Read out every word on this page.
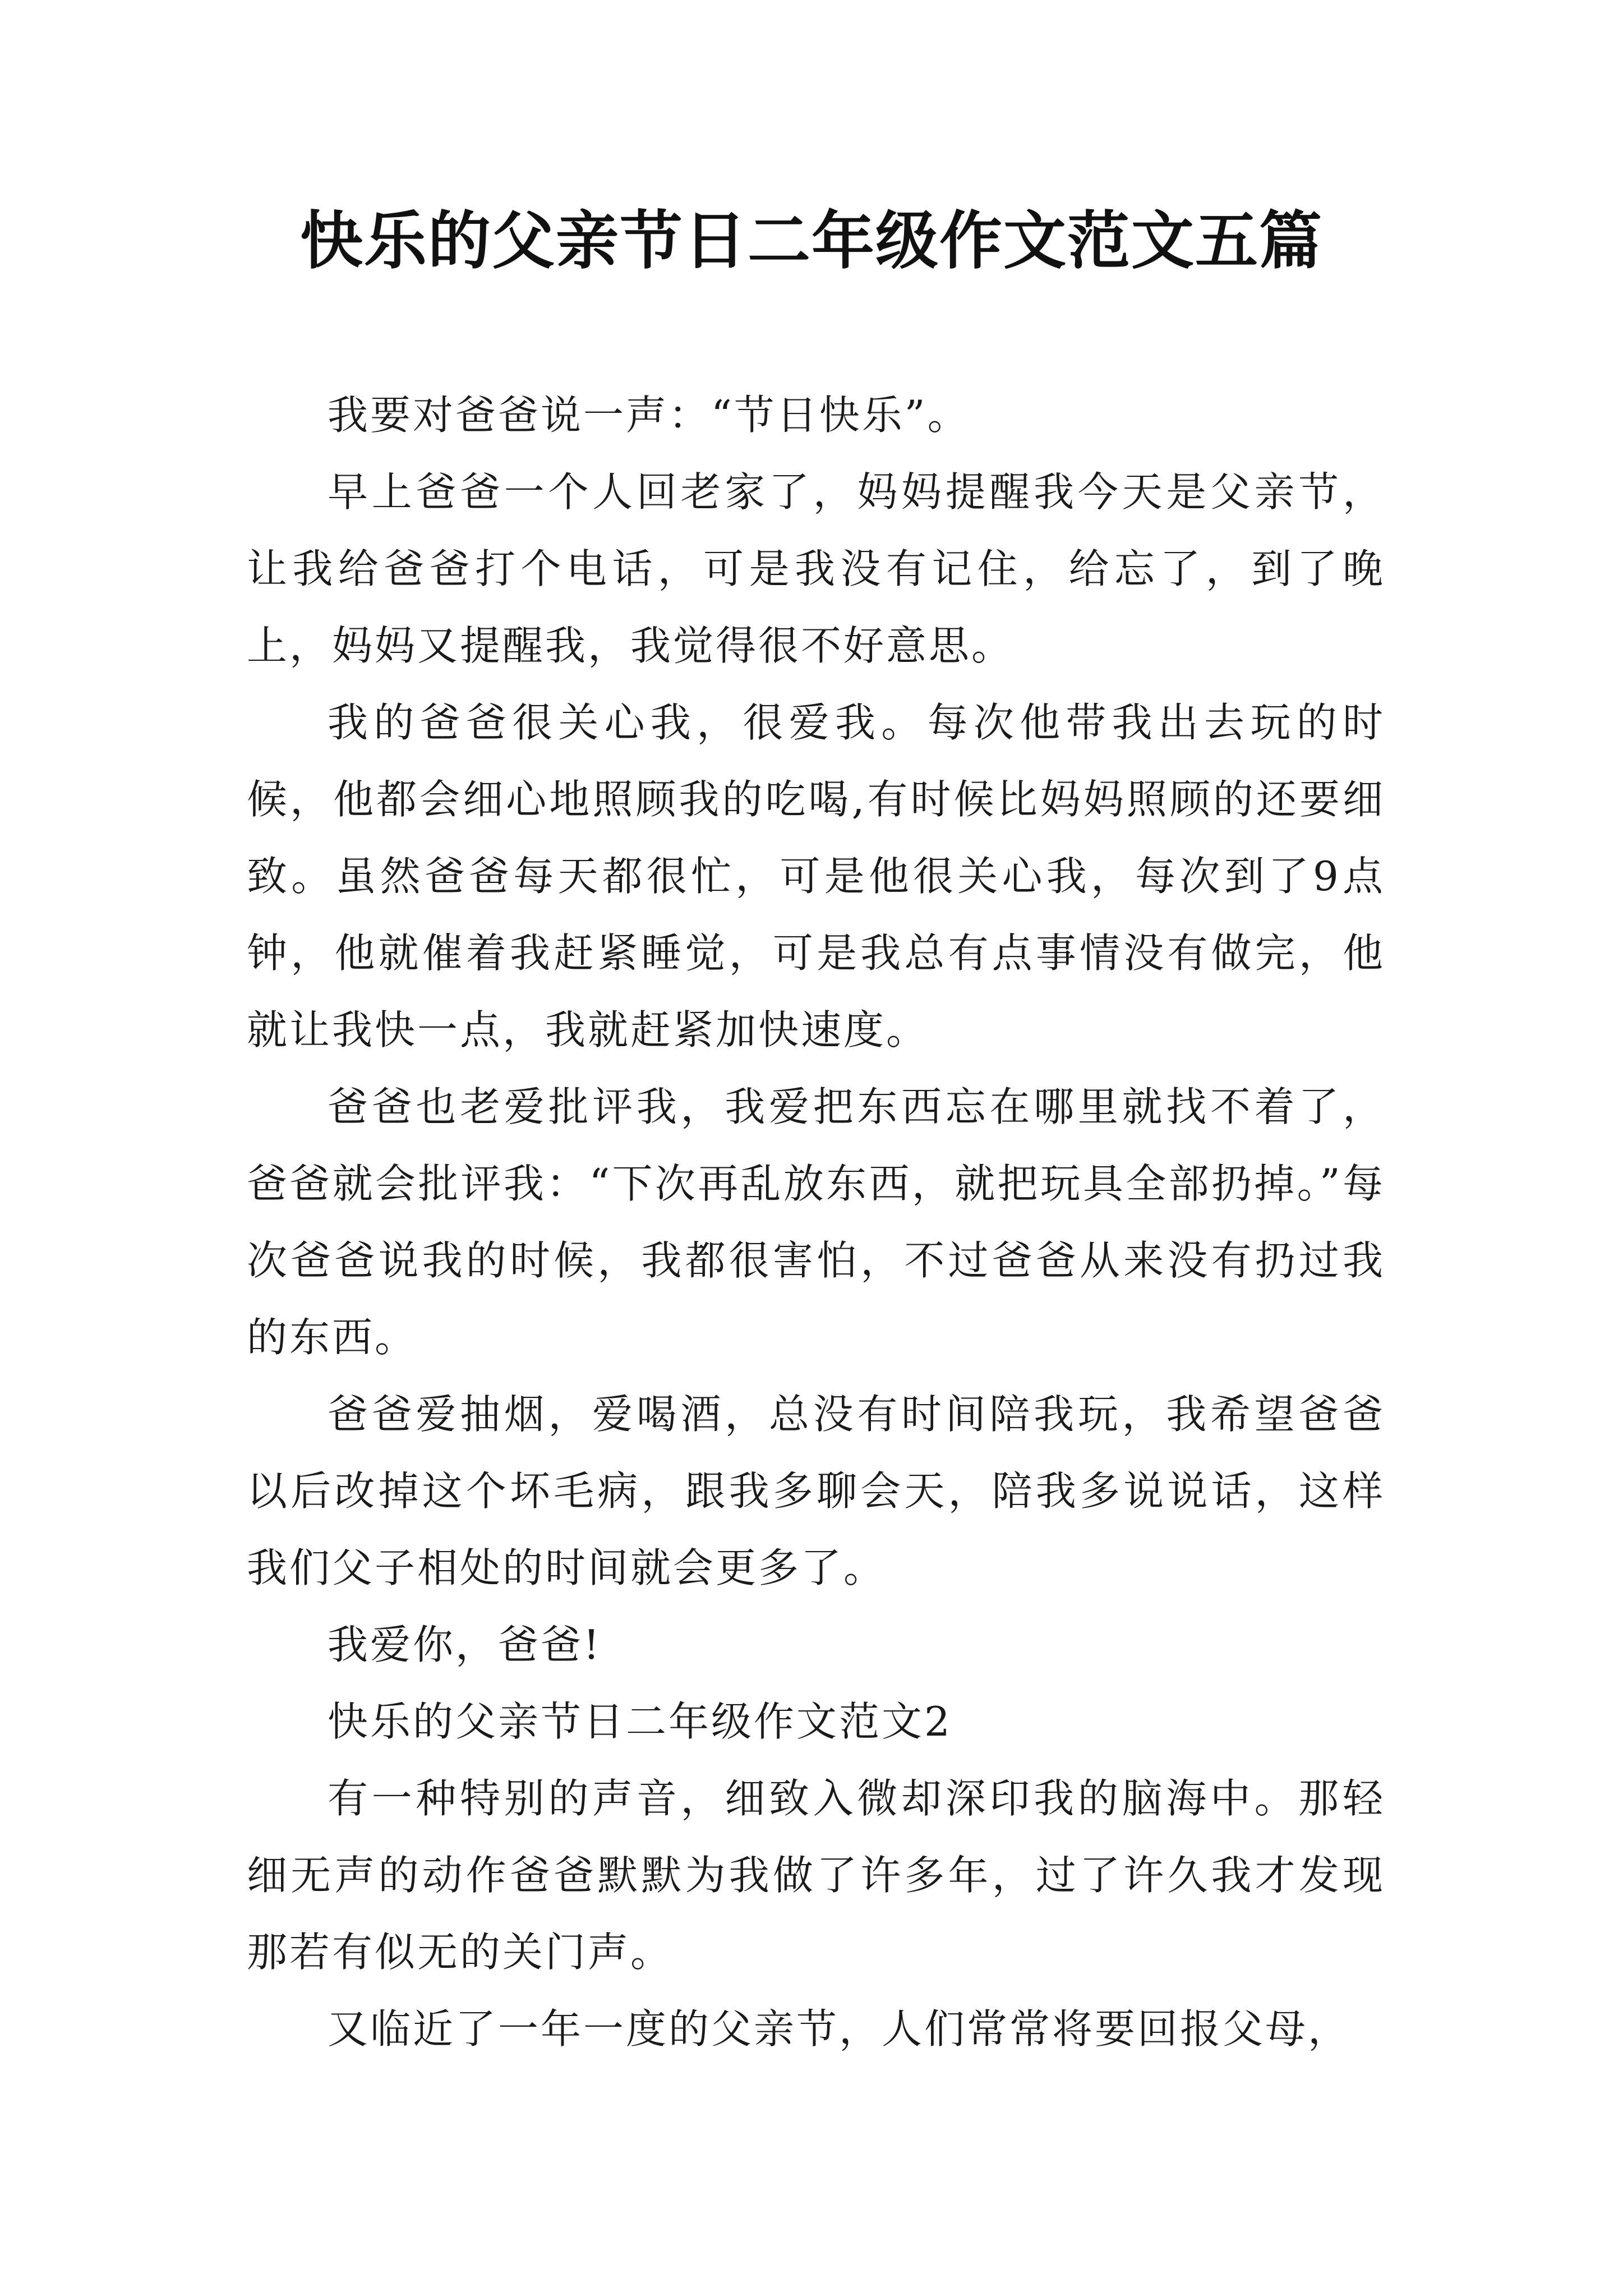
快乐的父亲节日二年级作文范文五篇

我要对爸爸说一声：“节日快乐”。

早上爸爸一个人回老家了，妈妈提醒我今天是父亲节，让我给爸爸打个电话，可是我没有记住，给忘了，到了晚上，妈妈又提醒我，我觉得很不好意思。

我的爸爸很关心我，很爱我。每次他带我出去玩的时候，他都会细心地照顾我的吃喝,有时候比妈妈照顾的还要细致。虽然爸爸每天都很忙，可是他很关心我，每次到了9点钟，他就催着我赶紧睡觉，可是我总有点事情没有做完，他就让我快一点，我就赶紧加快速度。

爸爸也老爱批评我，我爱把东西忘在哪里就找不着了，爸爸就会批评我：“下次再乱放东西，就把玩具全部扔掉。”每次爸爸说我的时候，我都很害怕，不过爸爸从来没有扔过我的东西。

爸爸爱抽烟，爱喝酒，总没有时间陪我玩，我希望爸爸以后改掉这个坏毛病，跟我多聊会天，陪我多说说话，这样我们父子相处的时间就会更多了。

我爱你，爸爸!

快乐的父亲节日二年级作文范文2

有一种特别的声音，细致入微却深印我的脑海中。那轻细无声的动作爸爸默默为我做了许多年，过了许久我才发现那若有似无的关门声。

又临近了一年一度的父亲节，人们常常将要回报父母，
